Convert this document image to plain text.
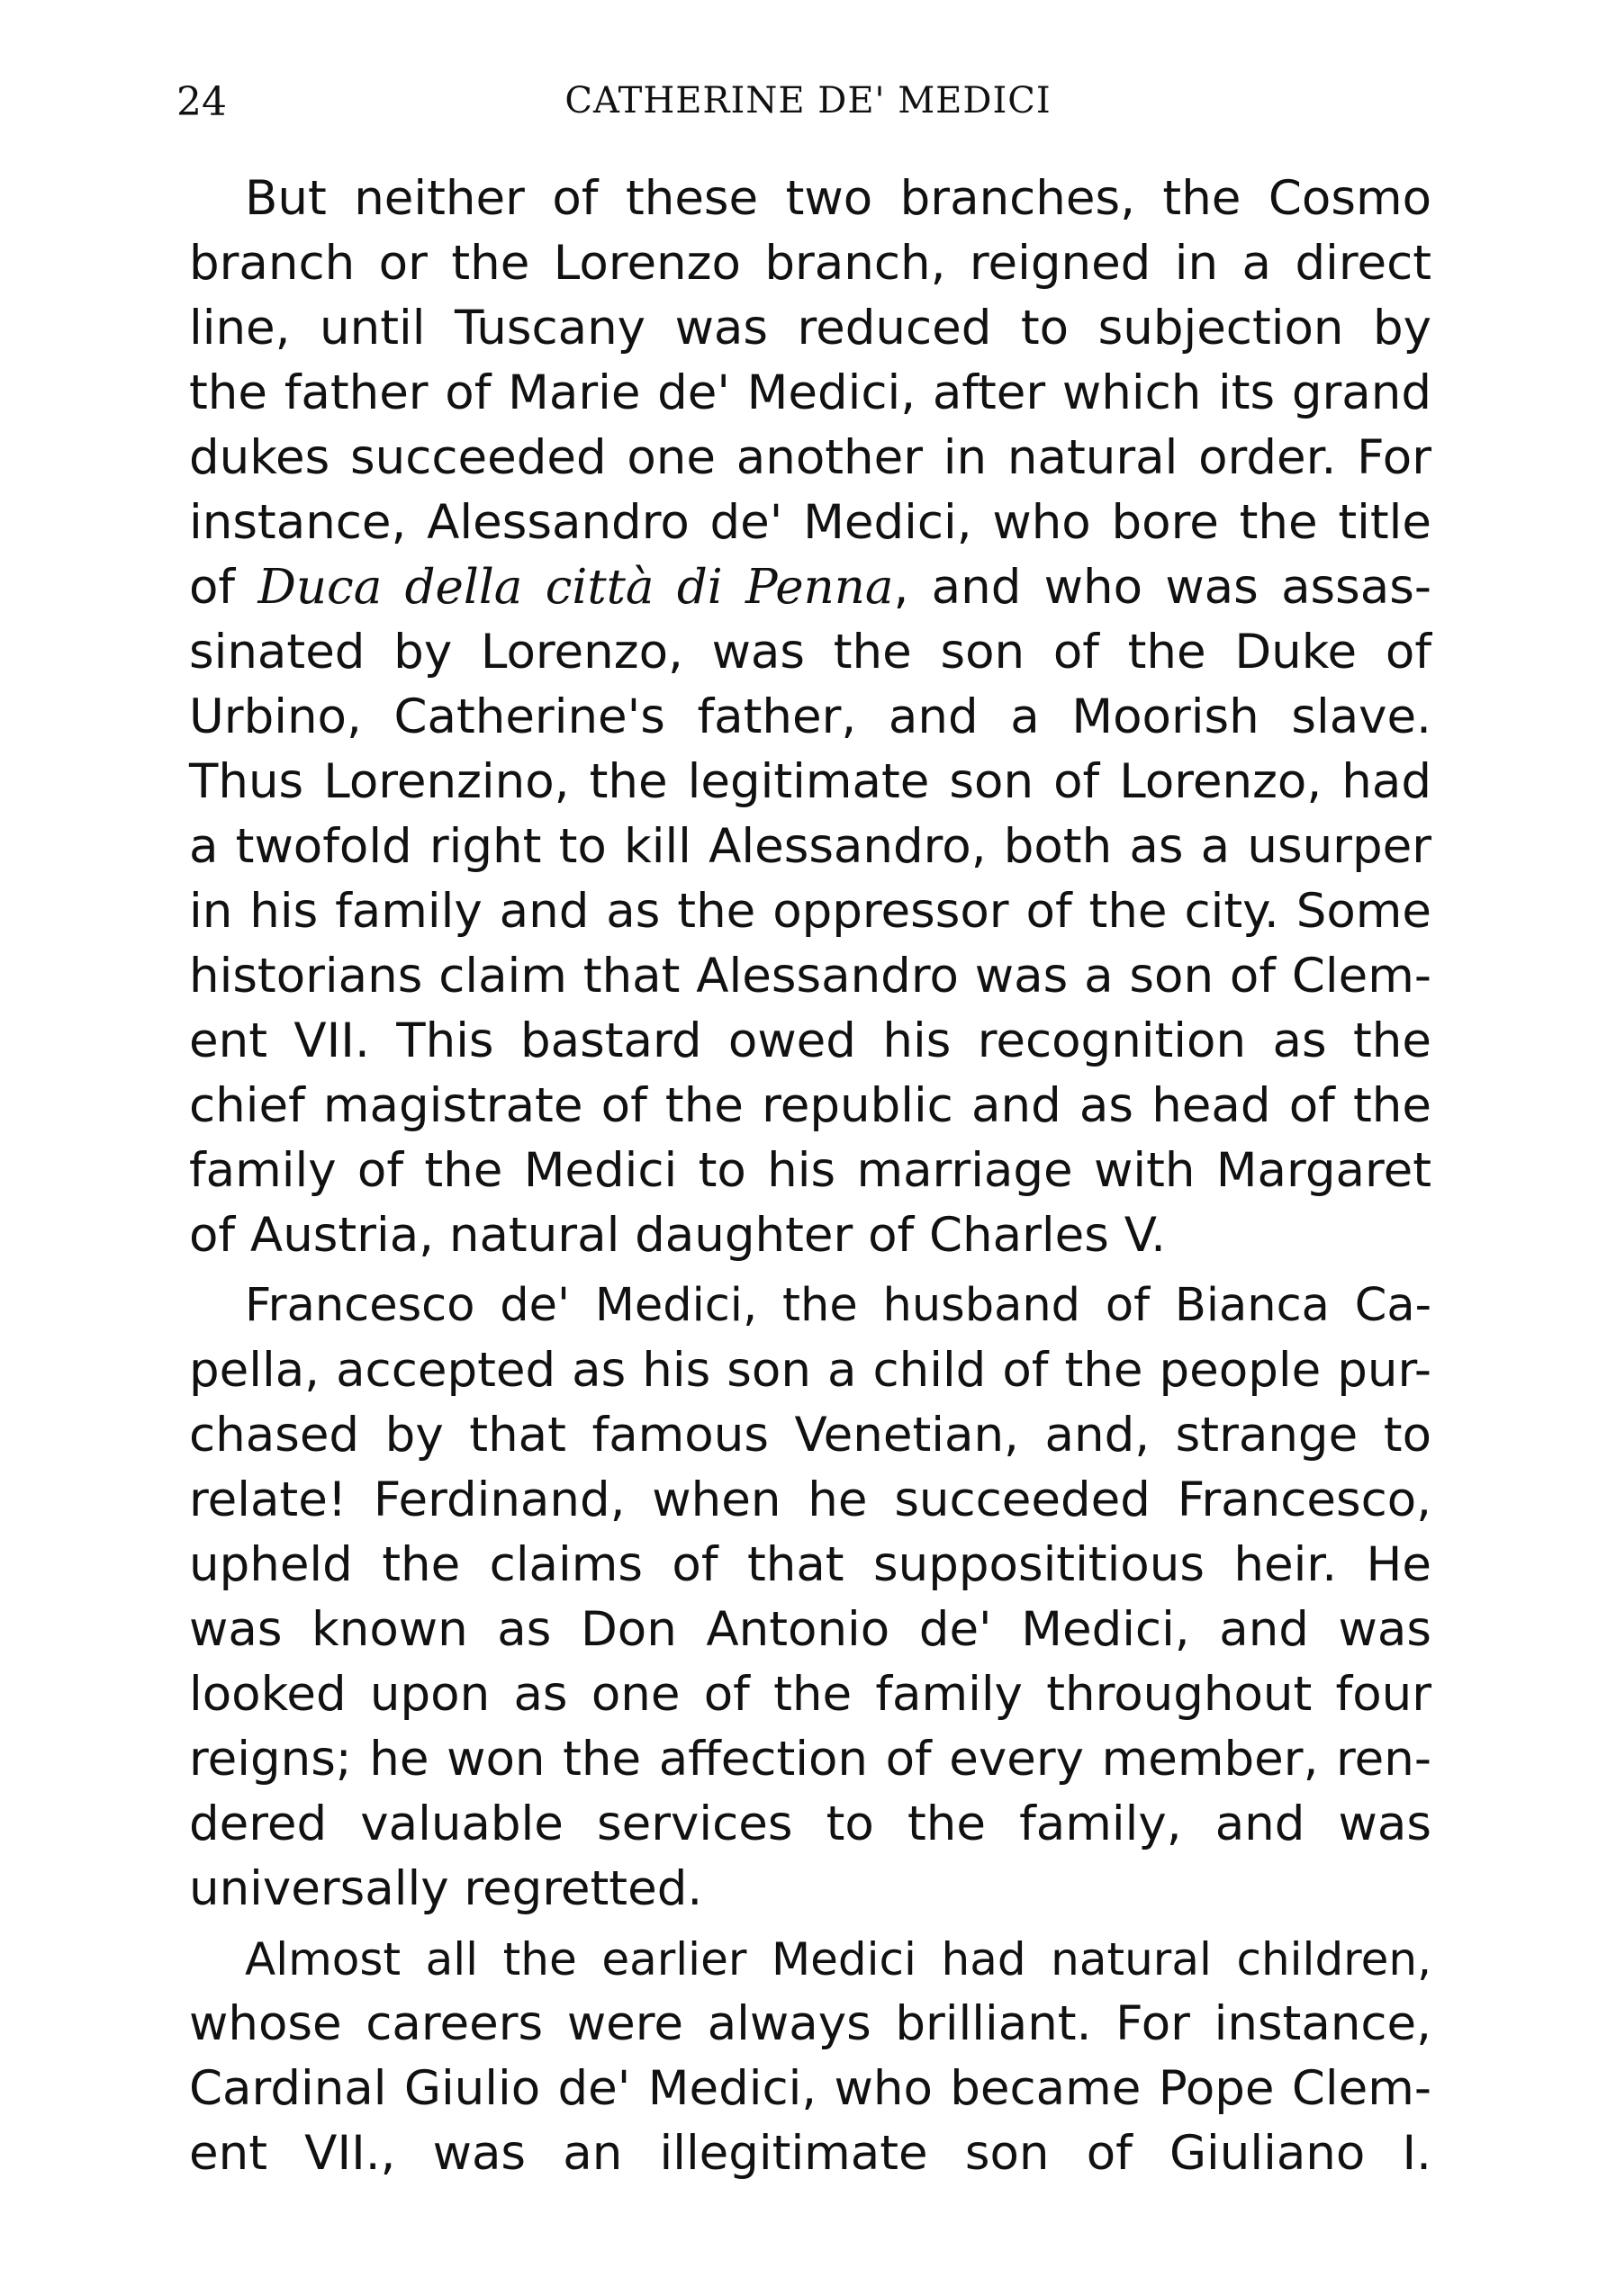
24	CATHERINE DE' MEDICI
But neither of these two branches, the Cosmo
branch or the Lorenzo branch, reigned in a direct
line, until Tuscany was reduced to subjection by
the father of Marie de' Medici, after which its grand
dukes succeeded one another in natural order. For
instance, Alessandro de' Medici, who bore the title
of Duca della città di Penna, and who was assas-
sinated by Lorenzo, was the son of the Duke of
Urbino, Catherine's father, and a Moorish slave.
Thus Lorenzino, the legitimate son of Lorenzo, had
a twofold right to kill Alessandro, both as a usurper
in his family and as the oppressor of the city. Some
historians claim that Alessandro was a son of Clem-
ent VII. This bastard owed his recognition as the
chief magistrate of the republic and as head of the
family of the Medici to his marriage with Margaret
of Austria, natural daughter of Charles V.
Francesco de' Medici, the husband of Bianca Ca-
pella, accepted as his son a child of the people pur-
chased by that famous Venetian, and, strange to
relate! Ferdinand, when he succeeded Francesco,
upheld the claims of that supposititious heir. He
was known as Don Antonio de' Medici, and was
looked upon as one of the family throughout four
reigns; he won the affection of every member, ren-
dered valuable services to the family, and was
universally regretted.
Almost all the earlier Medici had natural children,
whose careers were always brilliant. For instance,
Cardinal Giulio de' Medici, who became Pope Clem-
ent VII., was an illegitimate son of Giuliano I.
